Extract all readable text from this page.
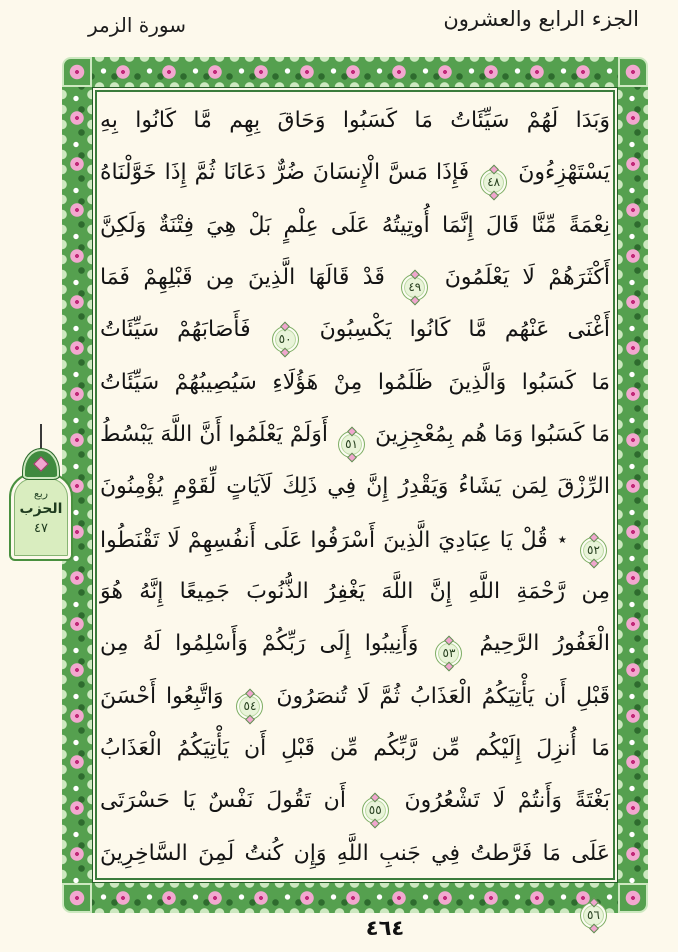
الجزء الرابع والعشرون
سورة الزمر
وَبَدَا لَهُمْ سَيِّئَاتُ مَا كَسَبُوا وَحَاقَ بِهِم مَّا كَانُوا بِهِ
يَسْتَهْزِءُونَ
٤٨
فَإِذَا مَسَّ الْإِنسَانَ ضُرٌّ دَعَانَا ثُمَّ إِذَا خَوَّلْنَاهُ
نِعْمَةً مِّنَّا قَالَ إِنَّمَا أُوتِيتُهُ عَلَى عِلْمٍ بَلْ هِيَ فِتْنَةٌ وَلَكِنَّ
أَكْثَرَهُمْ لَا يَعْلَمُونَ
٤٩
قَدْ قَالَهَا الَّذِينَ مِن قَبْلِهِمْ فَمَا
أَغْنَى عَنْهُم مَّا كَانُوا يَكْسِبُونَ
٥٠
فَأَصَابَهُمْ سَيِّئَاتُ
مَا كَسَبُوا وَالَّذِينَ ظَلَمُوا مِنْ هَؤُلَاءِ سَيُصِيبُهُمْ سَيِّئَاتُ
مَا كَسَبُوا وَمَا هُم بِمُعْجِزِينَ
٥١
أَوَلَمْ يَعْلَمُوا أَنَّ اللَّهَ يَبْسُطُ
الرِّزْقَ لِمَن يَشَاءُ وَيَقْدِرُ إِنَّ فِي ذَلِكَ لَآيَاتٍ لِّقَوْمٍ يُؤْمِنُونَ
٥٢
٭ قُلْ يَا عِبَادِيَ الَّذِينَ أَسْرَفُوا عَلَى أَنفُسِهِمْ لَا تَقْنَطُوا
مِن رَّحْمَةِ اللَّهِ إِنَّ اللَّهَ يَغْفِرُ الذُّنُوبَ جَمِيعًا إِنَّهُ هُوَ
الْغَفُورُ الرَّحِيمُ
٥٣
وَأَنِيبُوا إِلَى رَبِّكُمْ وَأَسْلِمُوا لَهُ مِن
قَبْلِ أَن يَأْتِيَكُمُ الْعَذَابُ ثُمَّ لَا تُنصَرُونَ
٥٤
وَاتَّبِعُوا أَحْسَنَ
مَا أُنزِلَ إِلَيْكُم مِّن رَّبِّكُم مِّن قَبْلِ أَن يَأْتِيَكُمُ الْعَذَابُ
بَغْتَةً وَأَنتُمْ لَا تَشْعُرُونَ
٥٥
أَن تَقُولَ نَفْسٌ يَا حَسْرَتَى
عَلَى مَا فَرَّطتُ فِي جَنبِ اللَّهِ وَإِن كُنتُ لَمِنَ السَّاخِرِينَ
٥٦
ربع
الحزب
٤٧
٤٦٤
